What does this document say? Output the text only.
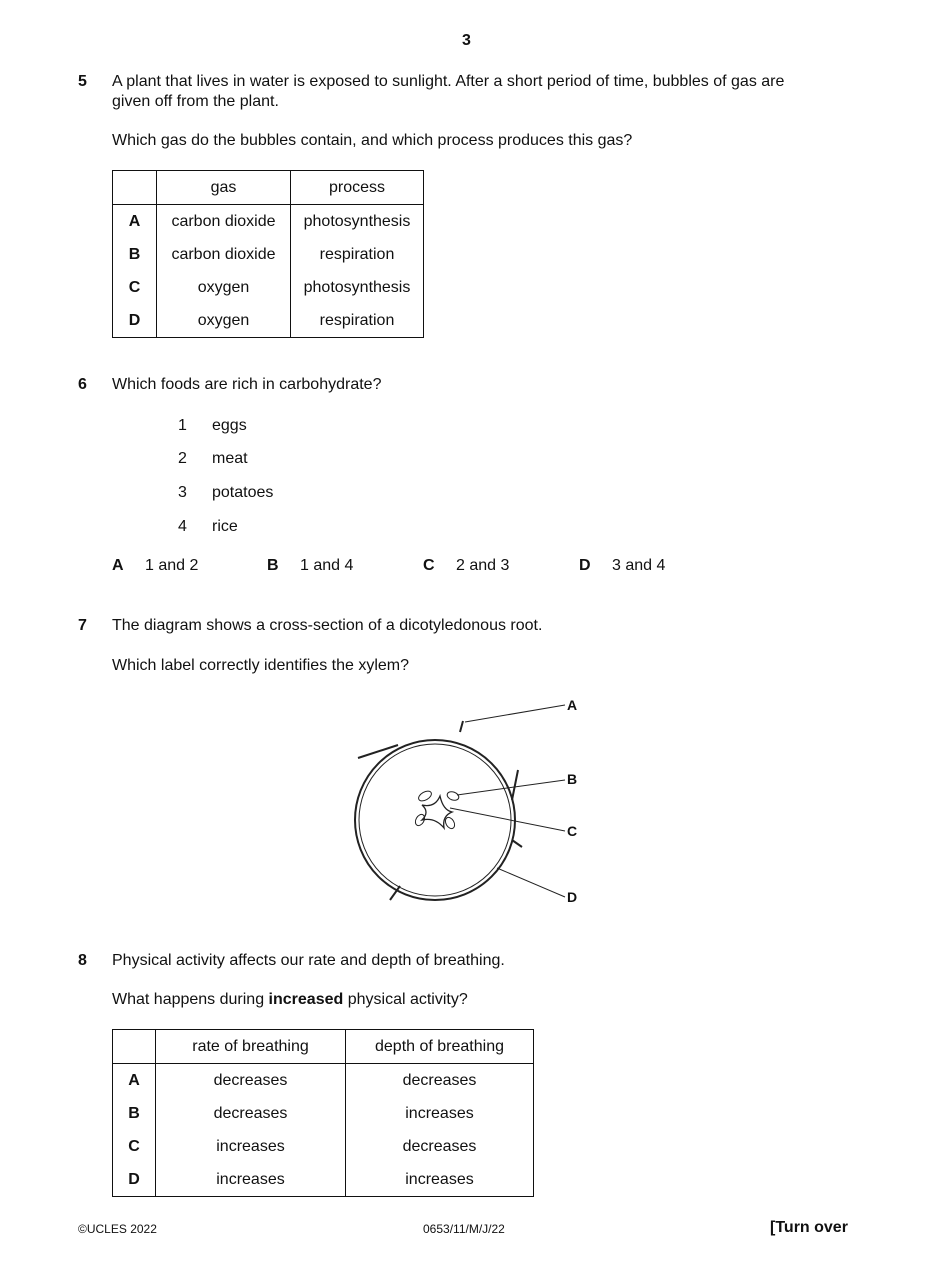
3
5 A plant that lives in water is exposed to sunlight. After a short period of time, bubbles of gas are
given off from the plant.
Which gas do the bubbles contain, and which process produces this gas?
	gas	process
A	carbon dioxide	photosynthesis
B	carbon dioxide	respiration
C	oxygen	photosynthesis
D	oxygen	respiration
6 Which foods are rich in carbohydrate?
1 eggs
2 meat
3 potatoes
4 rice
A 1 and 2	B 1 and 4	C 2 and 3	D 3 and 4
7 The diagram shows a cross-section of a dicotyledonous root.
Which label correctly identifies the xylem?
A
B
C
D
8 Physical activity affects our rate and depth of breathing.
What happens during increased physical activity?
	rate of breathing	depth of breathing
A	decreases	decreases
B	decreases	increases
C	increases	decreases
D	increases	increases
©UCLES 2022	0653/11/M/J/22	[Turn over
